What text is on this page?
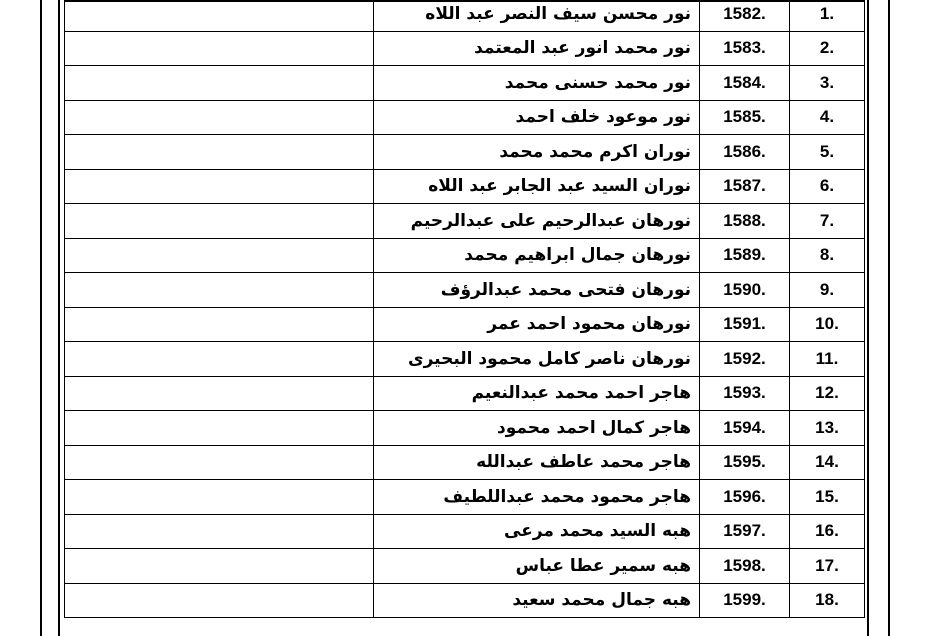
	نور محسن سيف النصر عبد اللاه	1582.	1.
	نور محمد انور عبد المعتمد	1583.	2.
	نور محمد حسنى محمد	1584.	3.
	نور موعود خلف احمد	1585.	4.
	نوران اكرم محمد محمد	1586.	5.
	نوران السيد عبد الجابر عبد اللاه	1587.	6.
	نورهان عبدالرحيم على عبدالرحيم	1588.	7.
	نورهان جمال ابراهيم محمد	1589.	8.
	نورهان فتحى محمد عبدالرؤف	1590.	9.
	نورهان محمود احمد عمر	1591.	10.
	نورهان ناصر كامل محمود البحيرى	1592.	11.
	هاجر احمد محمد عبدالنعيم	1593.	12.
	هاجر كمال احمد محمود	1594.	13.
	هاجر محمد عاطف عبدالله	1595.	14.
	هاجر محمود محمد عبداللطيف	1596.	15.
	هبه السيد محمد مرعى	1597.	16.
	هبه سمير عطا عباس	1598.	17.
	هبه جمال محمد سعيد	1599.	18.
